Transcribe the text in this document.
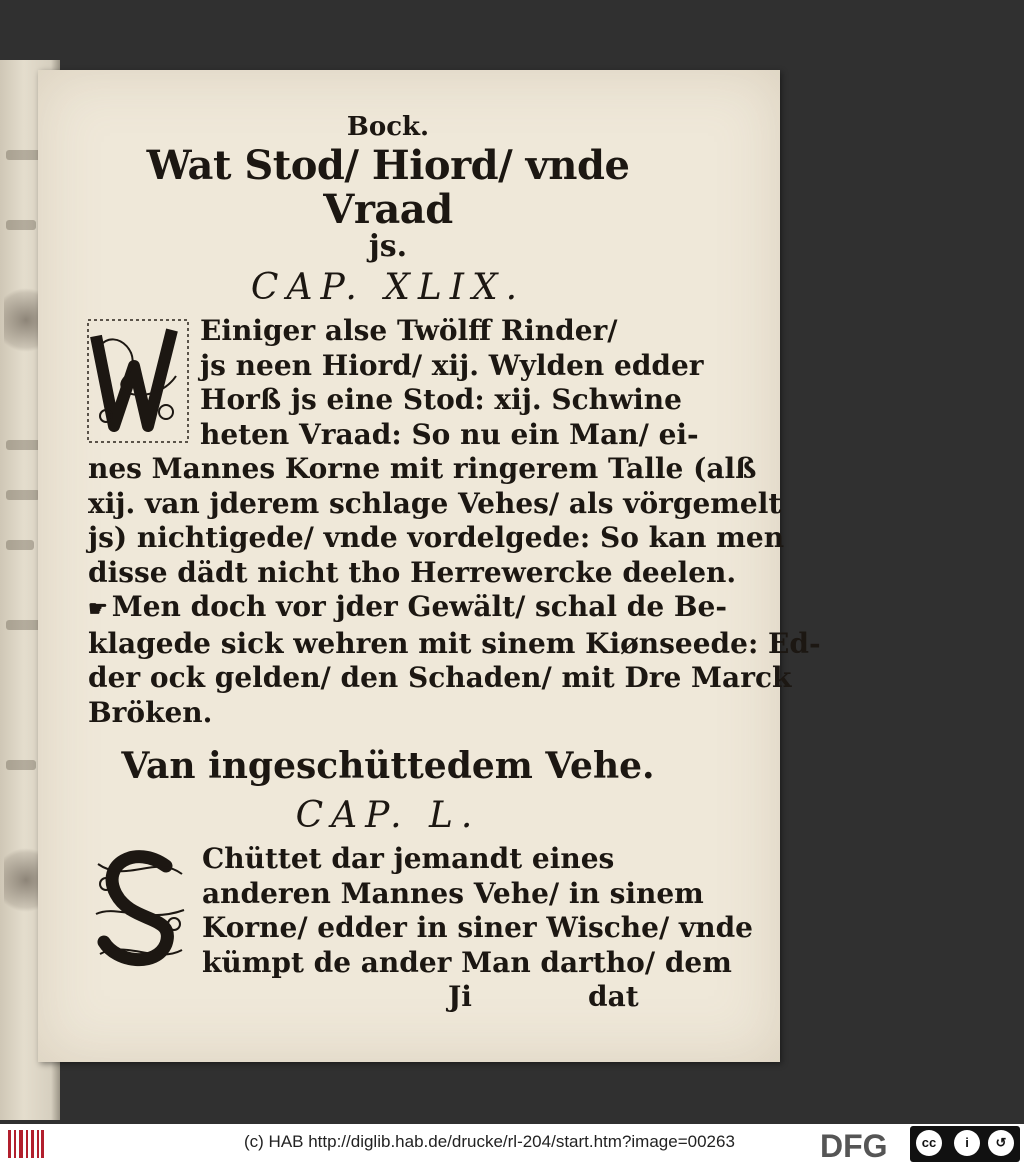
Bock.

Wat Stod/ Hiord/ vnde Vraad

js.

CAP. XLIX.

Einiger alse Twölff Rinder/
js neen Hiord/ xij. Wylden edder
Horß js eine Stod: xij. Schwine
heten Vraad: So nu ein Man/ ei-
nes Mannes Korne mit ringerem Talle (alß
xij. van jderem schlage Vehes/ als vörgemelt
js) nichtigede/ vnde vordelgede: So kan men
disse dädt nicht tho Herrewercke deelen.
☛ Men doch vor jder Gewält/ schal de Be-
klagede sick wehren mit sinem Kiønseede: Ed-
der ock gelden/ den Schaden/ mit Dre Marck
Bröken.

Van ingeschüttedem Vehe.

CAP. L.

Chüttet dar jemandt eines
anderen Mannes Vehe/ in sinem
Korne/ edder in siner Wische/ vnde
kümpt de ander Man dartho/ dem
Ji	dat
(c) HAB http://diglib.hab.de/drucke/rl-204/start.htm?image=00263	DFG	cc	i	↺
